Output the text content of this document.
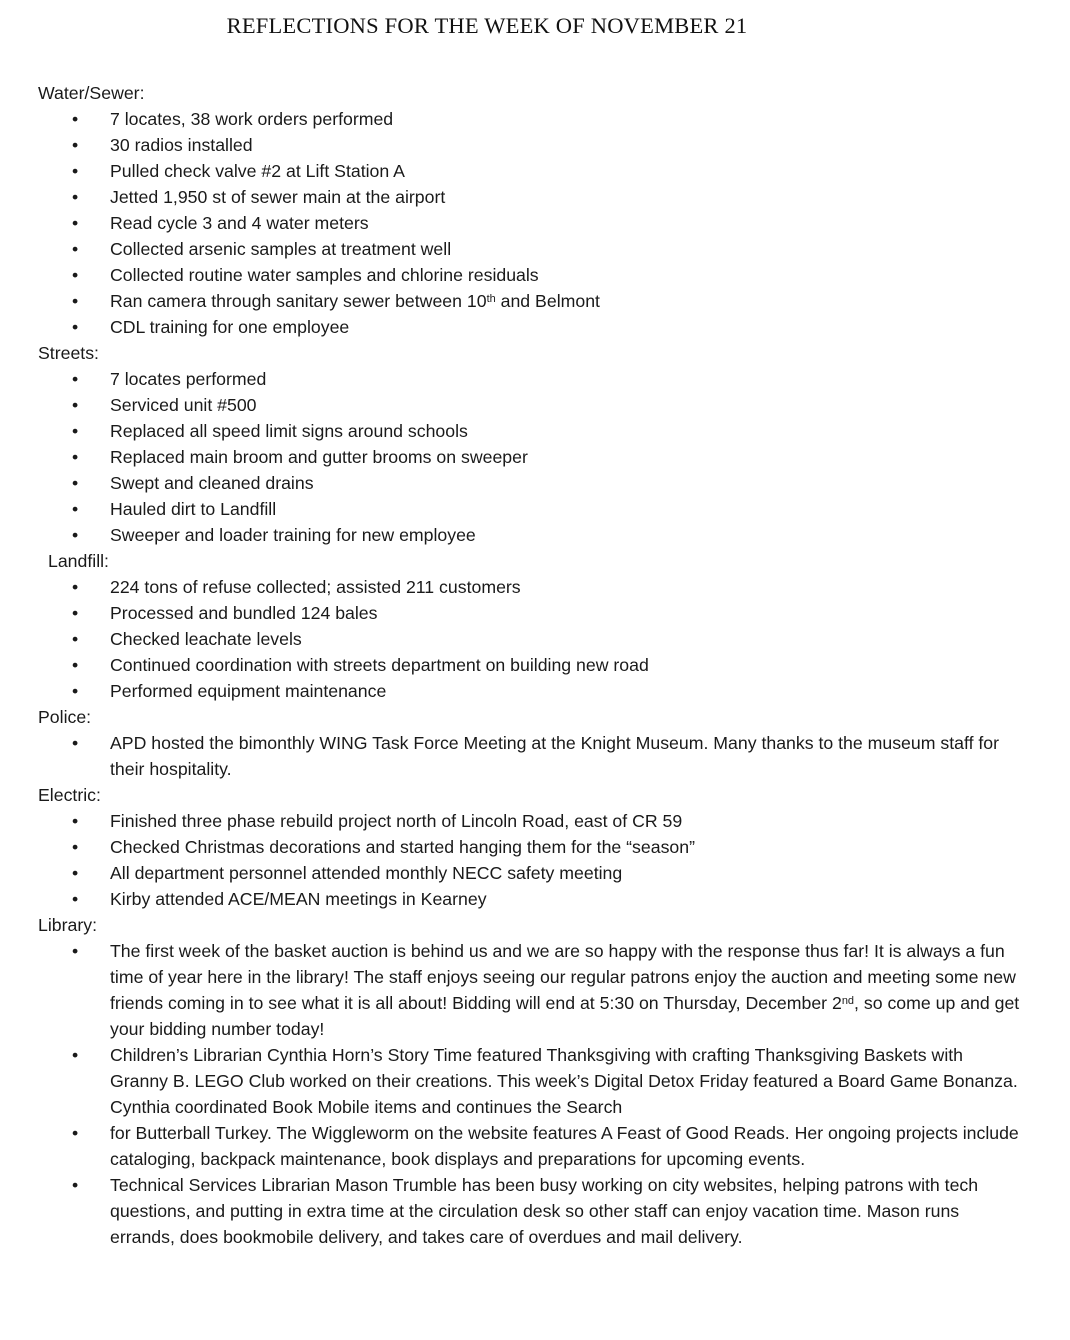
REFLECTIONS FOR THE WEEK OF NOVEMBER 21
Water/Sewer:
• 7 locates, 38 work orders performed
• 30 radios installed
• Pulled check valve #2 at Lift Station A
• Jetted 1,950 st of sewer main at the airport
• Read cycle 3 and 4 water meters
• Collected arsenic samples at treatment well
• Collected routine water samples and chlorine residuals
• Ran camera through sanitary sewer between 10th and Belmont
• CDL training for one employee
Streets:
• 7 locates performed
• Serviced unit #500
• Replaced all speed limit signs around schools
• Replaced main broom and gutter brooms on sweeper
• Swept and cleaned drains
• Hauled dirt to Landfill
• Sweeper and loader training for new employee
Landfill:
• 224 tons of refuse collected; assisted 211 customers
• Processed and bundled 124 bales
• Checked leachate levels
• Continued coordination with streets department on building new road
• Performed equipment maintenance
Police:
• APD hosted the bimonthly WING Task Force Meeting at the Knight Museum. Many thanks to the museum staff for their hospitality.
Electric:
• Finished three phase rebuild project north of Lincoln Road, east of CR 59
• Checked Christmas decorations and started hanging them for the “season”
• All department personnel attended monthly NECC safety meeting
• Kirby attended ACE/MEAN meetings in Kearney
Library:
• The first week of the basket auction is behind us and we are so happy with the response thus far! It is always a fun time of year here in the library! The staff enjoys seeing our regular patrons enjoy the auction and meeting some new friends coming in to see what it is all about! Bidding will end at 5:30 on Thursday, December 2nd, so come up and get your bidding number today!
• Children’s Librarian Cynthia Horn’s Story Time featured Thanksgiving with crafting Thanksgiving Baskets with Granny B. LEGO Club worked on their creations. This week’s Digital Detox Friday featured a Board Game Bonanza.  Cynthia coordinated Book Mobile items and continues the Search
• for Butterball Turkey. The Wiggleworm on the website features A Feast of Good Reads. Her ongoing projects include cataloging, backpack maintenance, book displays and preparations for upcoming events.
• Technical Services Librarian Mason Trumble has been busy working on city websites, helping patrons with tech questions, and putting in extra time at the circulation desk so other staff can enjoy vacation time. Mason runs errands, does bookmobile delivery, and takes care of overdues and mail delivery.
